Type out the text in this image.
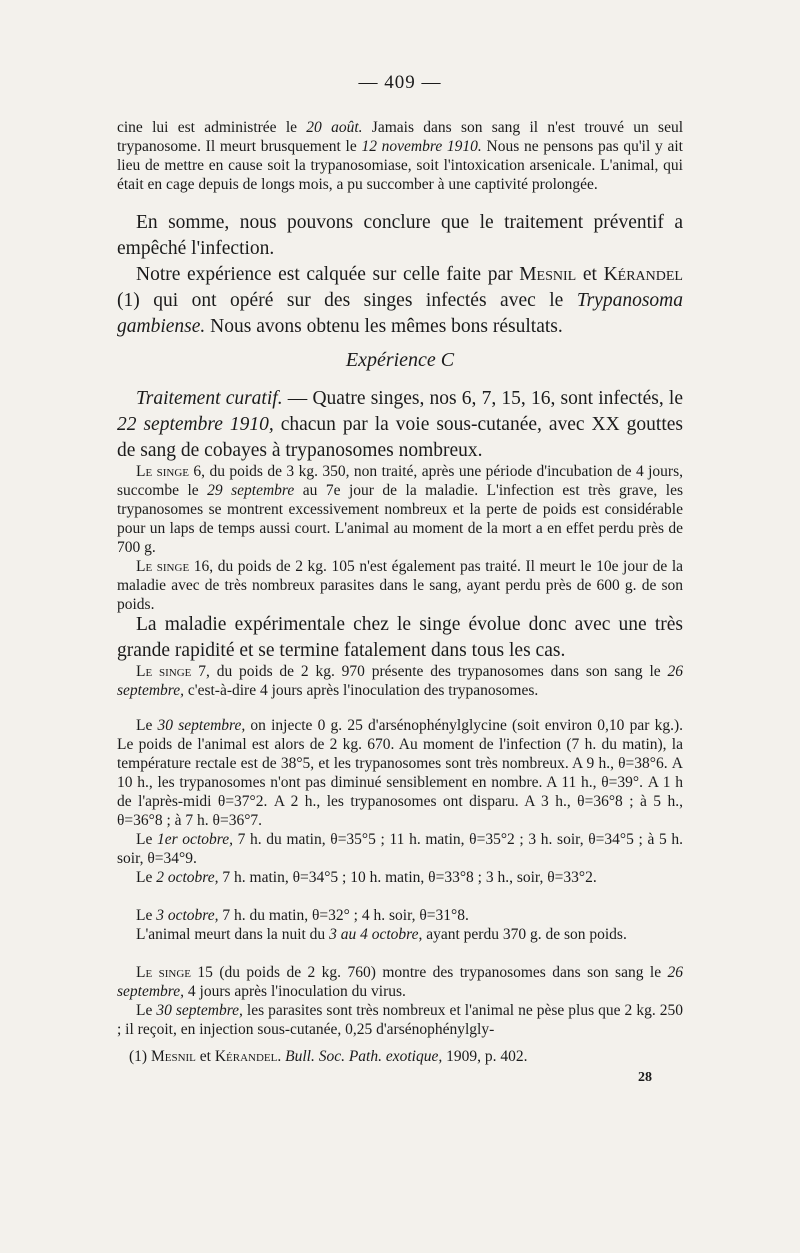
— 409 —

cine lui est administrée le 20 août. Jamais dans son sang il n'est trouvé un seul trypanosome. Il meurt brusquement le 12 novembre 1910. Nous ne pensons pas qu'il y ait lieu de mettre en cause soit la trypanosomiase, soit l'intoxication arsenicale. L'animal, qui était en cage depuis de longs mois, a pu succomber à une captivité prolongée.

En somme, nous pouvons conclure que le traitement préventif a empêché l'infection.

Notre expérience est calquée sur celle faite par Mesnil et Kérandel (1) qui ont opéré sur des singes infectés avec le Trypanosoma gambiense. Nous avons obtenu les mêmes bons résultats.

Expérience C

Traitement curatif. — Quatre singes, nos 6, 7, 15, 16, sont infectés, le 22 septembre 1910, chacun par la voie sous-cutanée, avec XX gouttes de sang de cobayes à trypanosomes nombreux.

Le singe 6, du poids de 3 kg. 350, non traité, après une période d'incubation de 4 jours, succombe le 29 septembre au 7e jour de la maladie. L'infection est très grave, les trypanosomes se montrent excessivement nombreux et la perte de poids est considérable pour un laps de temps aussi court. L'animal au moment de la mort a en effet perdu près de 700 g.

Le singe 16, du poids de 2 kg. 105 n'est également pas traité. Il meurt le 10e jour de la maladie avec de très nombreux parasites dans le sang, ayant perdu près de 600 g. de son poids.

La maladie expérimentale chez le singe évolue donc avec une très grande rapidité et se termine fatalement dans tous les cas.

Le singe 7, du poids de 2 kg. 970 présente des trypanosomes dans son sang le 26 septembre, c'est-à-dire 4 jours après l'inoculation des trypanosomes.

Le 30 septembre, on injecte 0 g. 25 d'arsénophénylglycine (soit environ 0,10 par kg.). Le poids de l'animal est alors de 2 kg. 670. Au moment de l'infection (7 h. du matin), la température rectale est de 38°5, et les trypanosomes sont très nombreux. A 9 h., θ=38°6. A 10 h., les trypanosomes n'ont pas diminué sensiblement en nombre. A 11 h., θ=39°. A 1 h de l'après-midi θ=37°2. A 2 h., les trypanosomes ont disparu. A 3 h., θ=36°8 ; à 5 h., θ=36°8 ; à 7 h. θ=36°7.

Le 1er octobre, 7 h. du matin, θ=35°5 ; 11 h. matin, θ=35°2 ; 3 h. soir, θ=34°5 ; à 5 h. soir, θ=34°9.

Le 2 octobre, 7 h. matin, θ=34°5 ; 10 h. matin, θ=33°8 ; 3 h., soir, θ=33°2.

Le 3 octobre, 7 h. du matin, θ=32° ; 4 h. soir, θ=31°8.

L'animal meurt dans la nuit du 3 au 4 octobre, ayant perdu 370 g. de son poids.

Le singe 15 (du poids de 2 kg. 760) montre des trypanosomes dans son sang le 26 septembre, 4 jours après l'inoculation du virus.

Le 30 septembre, les parasites sont très nombreux et l'animal ne pèse plus que 2 kg. 250 ; il reçoit, en injection sous-cutanée, 0,25 d'arsénophénylgly-

(1) Mesnil et Kérandel. Bull. Soc. Path. exotique, 1909, p. 402.

28
